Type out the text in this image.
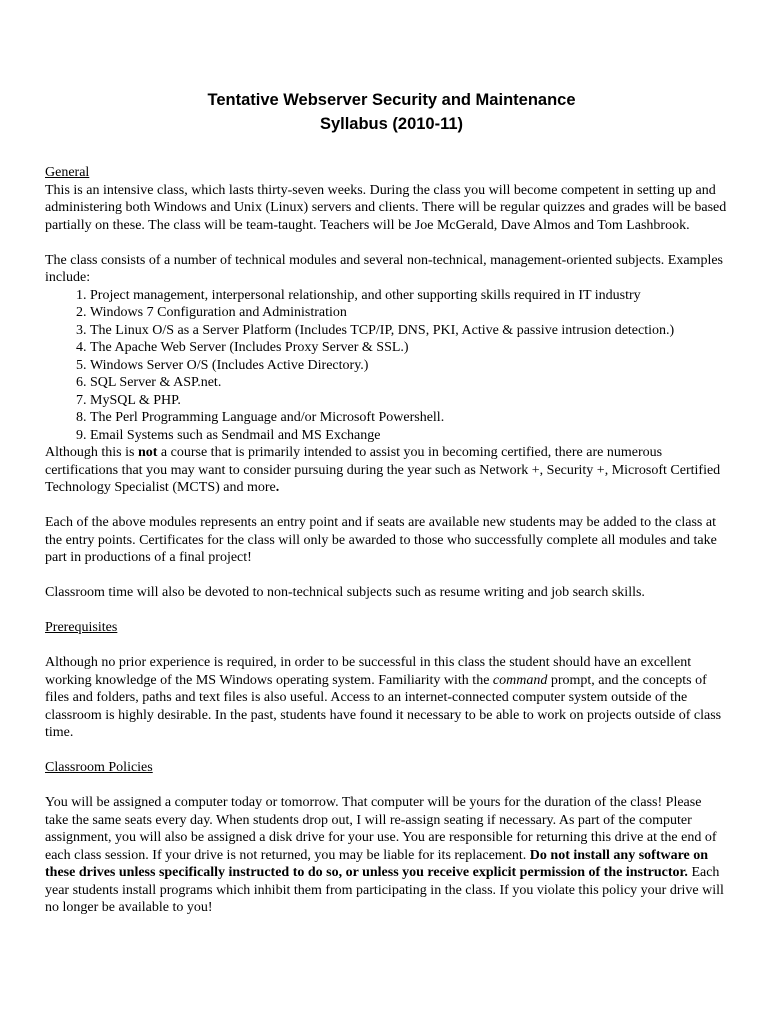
Tentative Webserver Security and Maintenance
Syllabus (2010-11)

General

This is an intensive class, which lasts thirty-seven weeks. During the class you will become competent in setting up and administering both Windows and Unix (Linux) servers and clients. There will be regular quizzes and grades will be based partially on these. The class will be team-taught. Teachers will be Joe McGerald, Dave Almos and Tom Lashbrook.

The class consists of a number of technical modules and several non-technical, management-oriented subjects. Examples include:

1. Project management, interpersonal relationship, and other supporting skills required in IT industry
2. Windows 7 Configuration and Administration
3. The Linux O/S as a Server Platform (Includes TCP/IP, DNS, PKI, Active & passive intrusion detection.)
4. The Apache Web Server (Includes Proxy Server & SSL.)
5. Windows Server O/S (Includes Active Directory.)
6. SQL Server & ASP.net.
7. MySQL & PHP.
8. The Perl Programming Language and/or Microsoft Powershell.
9. Email Systems such as Sendmail and MS Exchange

Although this is not a course that is primarily intended to assist you in becoming certified, there are numerous certifications that you may want to consider pursuing during the year such as Network +, Security +, Microsoft Certified Technology Specialist (MCTS) and more.

Each of the above modules represents an entry point and if seats are available new students may be added to the class at the entry points. Certificates for the class will only be awarded to those who successfully complete all modules and take part in productions of a final project!

Classroom time will also be devoted to non-technical subjects such as resume writing and job search skills.

Prerequisites

Although no prior experience is required, in order to be successful in this class the student should have an excellent working knowledge of the MS Windows operating system. Familiarity with the command prompt, and the concepts of files and folders, paths and text files is also useful. Access to an internet-connected computer system outside of the classroom is highly desirable. In the past, students have found it necessary to be able to work on projects outside of class time.

Classroom Policies

You will be assigned a computer today or tomorrow. That computer will be yours for the duration of the class! Please take the same seats every day. When students drop out, I will re-assign seating if necessary. As part of the computer assignment, you will also be assigned a disk drive for your use. You are responsible for returning this drive at the end of each class session. If your drive is not returned, you may be liable for its replacement. Do not install any software on these drives unless specifically instructed to do so, or unless you receive explicit permission of the instructor. Each year students install programs which inhibit them from participating in the class. If you violate this policy your drive will no longer be available to you!
